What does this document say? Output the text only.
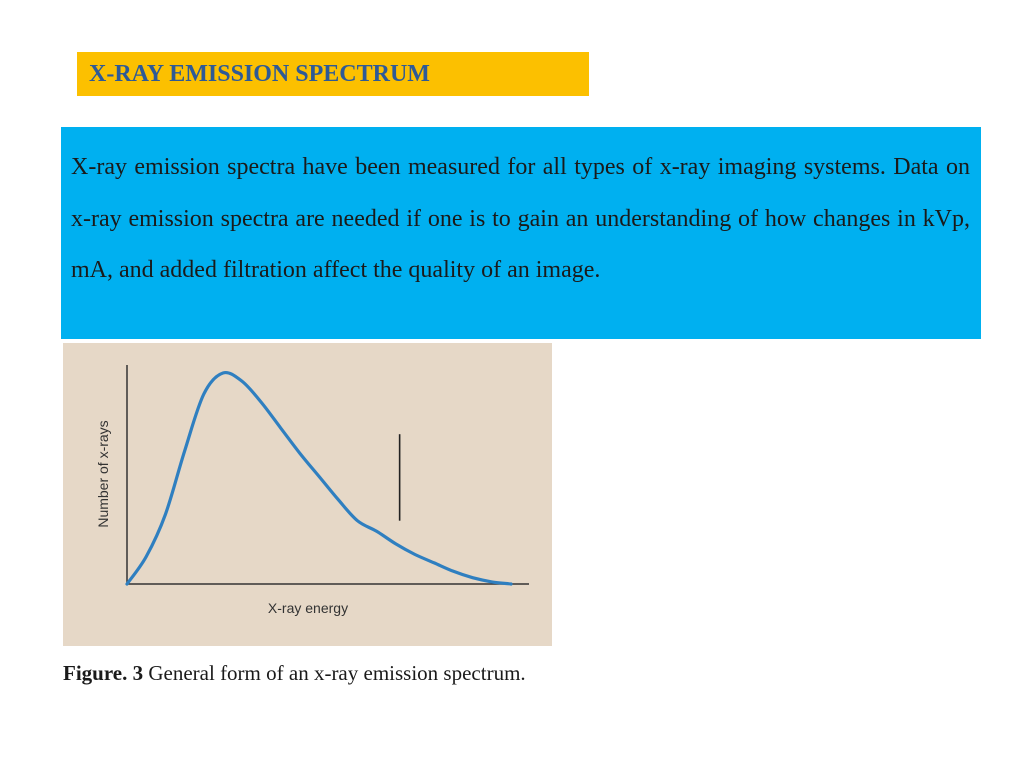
X-RAY EMISSION SPECTRUM

X-ray emission spectra have been measured for all types of x-ray imaging systems. Data on x-ray emission spectra are needed if one is to gain an understanding of how changes in kVp, mA, and added filtration affect the quality of an image.

X-ray energy
Number of x-rays
Figure. 3 General form of an x-ray emission spectrum.
